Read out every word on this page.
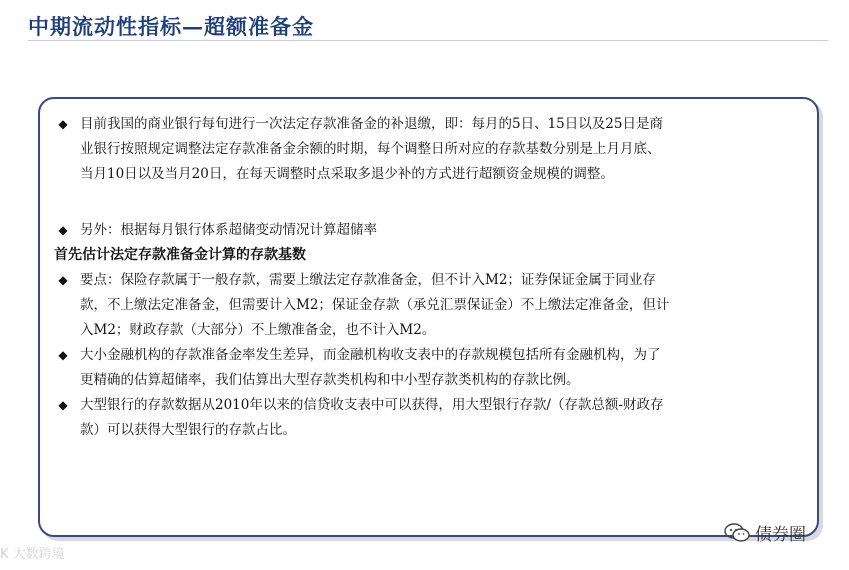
中期流动性指标—超额准备金
◆ 目前我国的商业银行每旬进行一次法定存款准备金的补退缴，即：每月的5日、15日以及25日是商
业银行按照规定调整法定存款准备金余额的时期，每个调整日所对应的存款基数分别是上月月底、
当月10日以及当月20日，在每天调整时点采取多退少补的方式进行超额资金规模的调整。
◆ 另外：根据每月银行体系超储变动情况计算超储率
首先估计法定存款准备金计算的存款基数
◆ 要点：保险存款属于一般存款，需要上缴法定存款准备金，但不计入M2；证券保证金属于同业存
款，不上缴法定准备金，但需要计入M2；保证金存款（承兑汇票保证金）不上缴法定准备金，但计
入M2；财政存款（大部分）不上缴准备金，也不计入M2。
◆ 大小金融机构的存款准备金率发生差异，而金融机构收支表中的存款规模包括所有金融机构，为了
更精确的估算超储率，我们估算出大型存款类机构和中小型存款类机构的存款比例。
◆ 大型银行的存款数据从2010年以来的信贷收支表中可以获得，用大型银行存款/（存款总额-财政存
款）可以获得大型银行的存款占比。
K 大数跨境
债券圈
